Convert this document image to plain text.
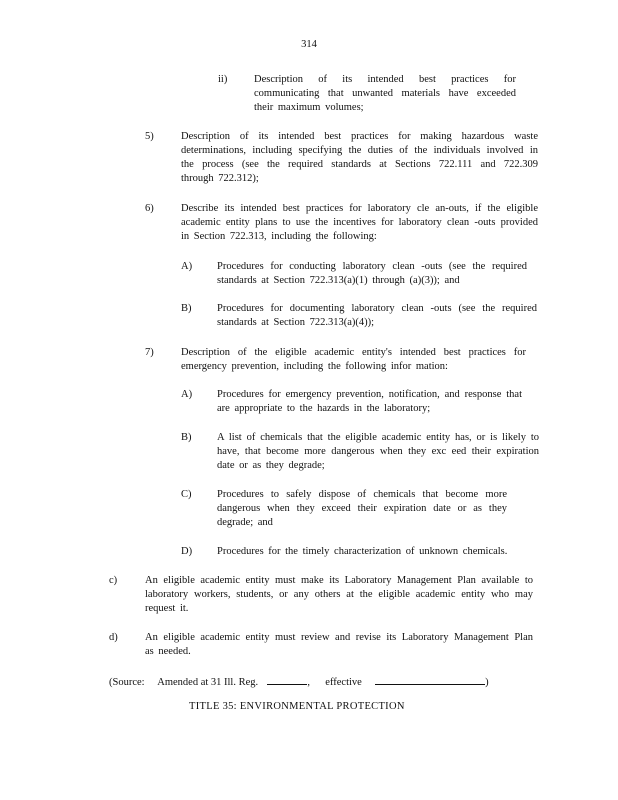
314
ii)	Description of its intended best practices for communicating that unwanted materials have exceeded their maximum volumes;
5)	Description of its intended best practices for making hazardous waste determinations, including specifying the duties of the individuals involved in the process (see the required standards at Sections 722.111 and 722.309 through 722.312);
6)	Describe its intended best practices for laboratory cle an-outs, if the eligible academic entity plans to use the incentives for laboratory clean -outs provided in Section 722.313, including the following:
A) Procedures for conducting laboratory clean -outs (see the required standards at Section 722.313(a)(1) through (a)(3)); and
B) Procedures for documenting laboratory clean -outs (see the required standards at Section 722.313(a)(4));
7)	Description of the eligible academic entity's intended best practices for emergency prevention, including the following infor mation:
A) Procedures for emergency prevention, notification, and response that are appropriate to the hazards in the laboratory;
B) A list of chemicals that the eligible academic entity has, or is likely to have, that become more dangerous when they exc eed their expiration date or as they degrade;
C) Procedures to safely dispose of chemicals that become more dangerous when they exceed their expiration date or as they degrade; and
D) Procedures for the timely characterization of unknown chemicals.
c)	An eligible academic entity must make its Laboratory Management Plan available to laboratory workers, students, or any others at the eligible academic entity who may request it.
d)	An eligible academic entity must review and revise its Laboratory Management Plan as needed.
(Source: Amended at 31 Ill. Reg.	, effective	)
TITLE 35: ENVIRONMENTAL PROTECTION
